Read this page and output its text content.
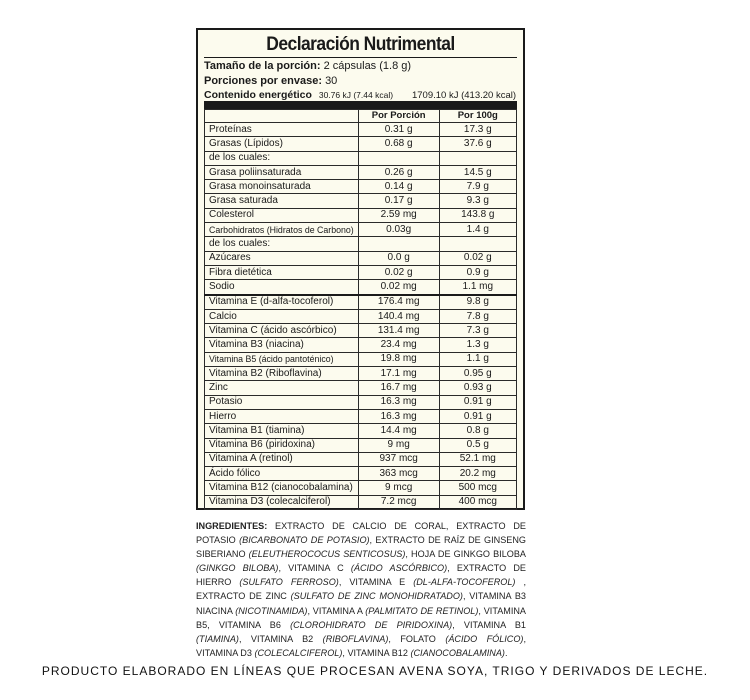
Declaración Nutrimental
Tamaño de la porción: 2 cápsulas (1.8 g)
Porciones por envase: 30
Contenido energético 30.76 kJ (7.44 kcal) 1709.10 kJ (413.20 kcal)
	Por Porción	Por 100g
Proteínas	0.31 g	17.3 g
Grasas (Lípidos)	0.68 g	37.6 g
de los cuales:		
Grasa poliinsaturada	0.26 g	14.5 g
Grasa monoinsaturada	0.14 g	7.9 g
Grasa saturada	0.17 g	9.3 g
Colesterol	2.59 mg	143.8 g
Carbohidratos (Hidratos de Carbono)	0.03g	1.4 g
de los cuales:		
Azúcares	0.0 g	0.02 g
Fibra dietética	0.02 g	0.9 g
Sodio	0.02 mg	1.1 mg
Vitamina E (d-alfa-tocoferol)	176.4 mg	9.8 g
Calcio	140.4 mg	7.8 g
Vitamina C (ácido ascórbico)	131.4 mg	7.3 g
Vitamina B3 (niacina)	23.4 mg	1.3 g
Vitamina B5 (ácido pantoténico)	19.8 mg	1.1 g
Vitamina B2 (Riboflavina)	17.1 mg	0.95 g
Zinc	16.7 mg	0.93 g
Potasio	16.3 mg	0.91 g
Hierro	16.3 mg	0.91 g
Vitamina B1 (tiamina)	14.4 mg	0.8 g
Vitamina B6 (piridoxina)	9 mg	0.5 g
Vitamina A (retinol)	937 mcg	52.1 mg
Ácido fólico	363 mcg	20.2 mg
Vitamina B12 (cianocobalamina)	9 mcg	500 mcg
Vitamina D3 (colecalciferol)	7.2 mcg	400 mcg
INGREDIENTES: EXTRACTO DE CALCIO DE CORAL, EXTRACTO DE POTASIO (BICARBONATO DE POTASIO), EXTRACTO DE RAÍZ DE GINSENG SIBERIANO (ELEUTHEROCOCUS SENTICOSUS), HOJA DE GINKGO BILOBA (GINKGO BILOBA), VITAMINA C (ÁCIDO ASCÓRBICO), EXTRACTO DE HIERRO (SULFATO FERROSO), VITAMINA E (DL-ALFA-TOCOFEROL) , EXTRACTO DE ZINC (SULFATO DE ZINC MONOHIDRATADO), VITAMINA B3 NIACINA (NICOTINAMIDA), VITAMINA A (PALMITATO DE RETINOL), VITAMINA B5, VITAMINA B6 (CLOROHIDRATO DE PIRIDOXINA), VITAMINA B1 (TIAMINA), VITAMINA B2 (RIBOFLAVINA), FOLATO (ÁCIDO FÓLICO), VITAMINA D3 (COLECALCIFEROL), VITAMINA B12 (CIANOCOBALAMINA).
PRODUCTO ELABORADO EN LÍNEAS QUE PROCESAN AVENA SOYA, TRIGO Y DERIVADOS DE LECHE.
